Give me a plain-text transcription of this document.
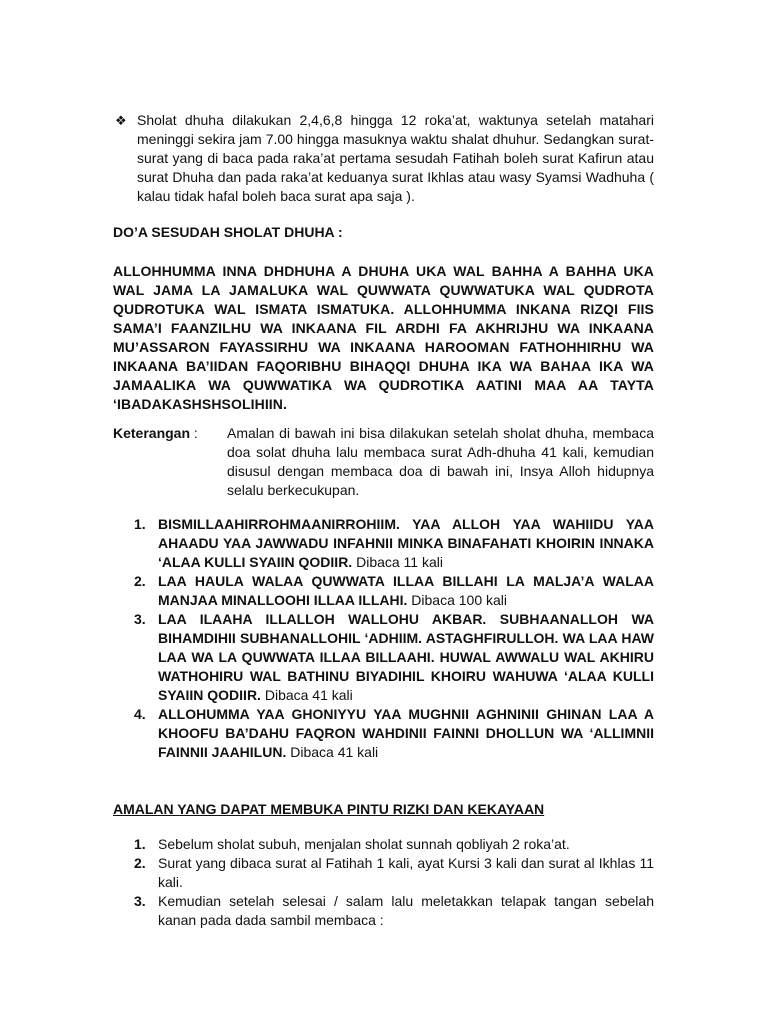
❖ Sholat dhuha dilakukan 2,4,6,8 hingga 12 roka’at, waktunya setelah matahari meninggi sekira jam 7.00 hingga masuknya waktu shalat dhuhur. Sedangkan surat-surat yang di baca pada raka’at pertama sesudah Fatihah boleh surat Kafirun atau surat Dhuha dan pada raka’at keduanya surat Ikhlas atau wasy Syamsi Wadhuha ( kalau tidak hafal boleh baca surat apa saja ).
DO’A SESUDAH SHOLAT DHUHA :
ALLOHHUMMA INNA DHDHUHA A DHUHA UKA WAL BAHHA A BAHHA UKA WAL JAMA LA JAMALUKA WAL QUWWATA QUWWATUKA WAL QUDROTA QUDROTUKA WAL ISMATA ISMATUKA. ALLOHHUMMA INKANA RIZQI FIIS SAMA’I FAANZILHU WA INKAANA FIL ARDHI FA AKHRIJHU WA INKAANA MU’ASSARON FAYASSIRHU WA INKAANA HAROOMAN FATHOHHIRHU WA INKAANA BA’IIDAN FAQORIBHU BIHAQQI DHUHA IKA WA BAHAA IKA WA JAMAALIKA WA QUWWATIKA WA QUDROTIKA AATINI MAA AA TAYTA ‘IBADAKASHSHSOLIHIIN.
Keterangan : Amalan di bawah ini bisa dilakukan setelah sholat dhuha, membaca doa solat dhuha lalu membaca surat Adh-dhuha 41 kali, kemudian disusul dengan membaca doa di bawah ini, Insya Alloh hidupnya selalu berkecukupan.
1. BISMILLAAHIRROHMAANIRROHIIM. YAA ALLOH YAA WAHIIDU YAA AHAADU YAA JAWWADU INFAHNII MINKA BINAFAHATI KHOIRIN INNAKA ‘ALAA KULLI SYAIIN QODIIR. Dibaca 11 kali
2. LAA HAULA WALAA QUWWATA ILLAA BILLAHI LA MALJA’A WALAA MANJAA MINALLOOHI ILLAA ILLAHI. Dibaca 100 kali
3. LAA ILAAHA ILLALLOH WALLOHU AKBAR. SUBHAANALLOH WA BIHAMDIHII SUBHANALLOHIL ‘ADHIIM. ASTAGHFIRULLOH. WA LAA HAW LAA WA LA QUWWATA ILLAA BILLAAHI. HUWAL AWWALU WAL AKHIRU WATHOHIRU WAL BATHINU BIYADIHIL KHOIRU WAHUWA ‘ALAA KULLI SYAIIN QODIIR. Dibaca 41 kali
4. ALLOHUMMA YAA GHONIYYU YAA MUGHNII AGHNINII GHINAN LAA A KHOOFU BA’DAHU FAQRON WAHDINII FAINNI DHOLLUN WA ‘ALLIMNII FAINNII JAAHILUN. Dibaca 41 kali
AMALAN YANG DAPAT MEMBUKA PINTU RIZKI DAN KEKAYAAN
1. Sebelum sholat subuh, menjalan sholat sunnah qobliyah 2 roka’at.
2. Surat yang dibaca surat al Fatihah 1 kali, ayat Kursi 3 kali dan surat al Ikhlas 11 kali.
3. Kemudian setelah selesai / salam lalu meletakkan telapak tangan sebelah kanan pada dada sambil membaca :
